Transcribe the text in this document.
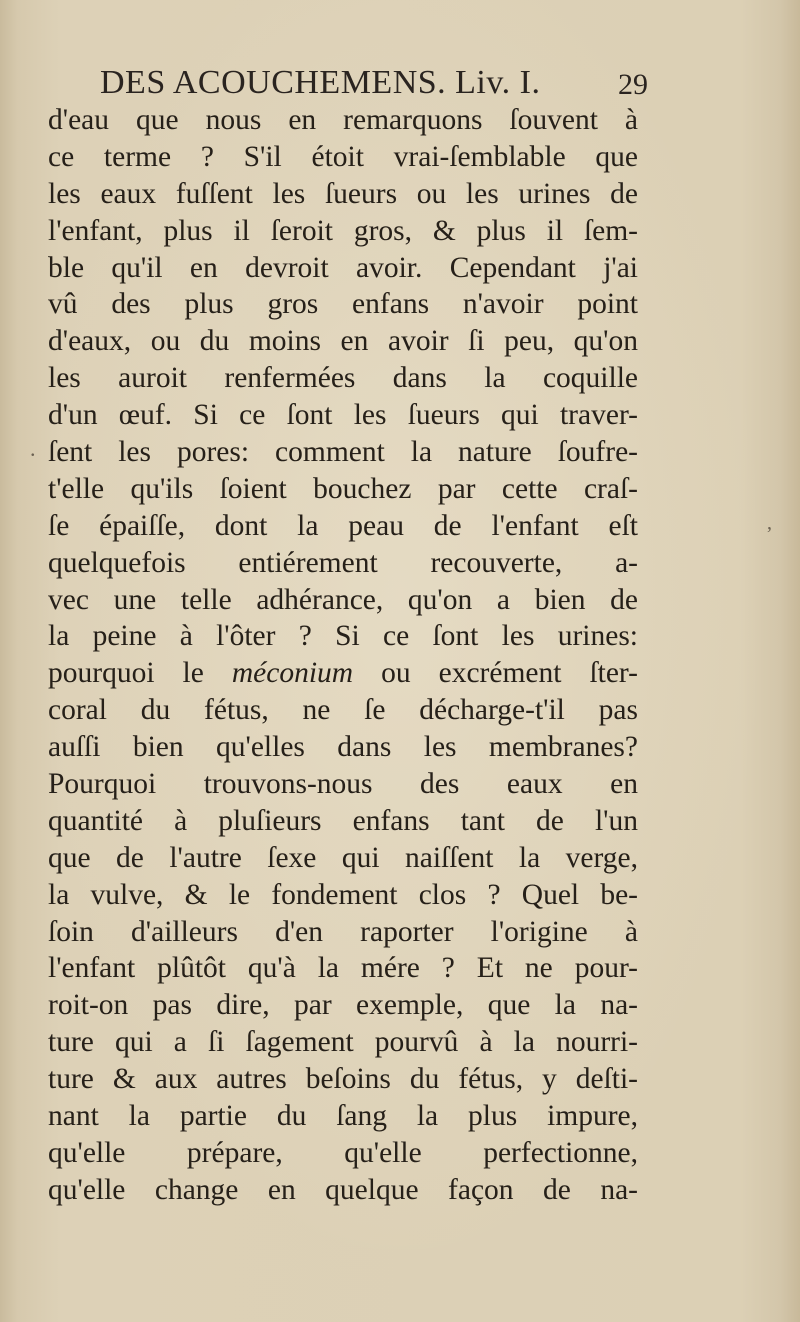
DES ACOUCHEMENS. Liv. I.	29
d'eau que nous en remarquons ſouvent à
ce terme ? S'il étoit vrai-ſemblable que
les eaux fuſſent les ſueurs ou les urines de
l'enfant, plus il ſeroit gros, & plus il ſem-
ble qu'il en devroit avoir. Cependant j'ai
vû des plus gros enfans n'avoir point
d'eaux, ou du moins en avoir ſi peu, qu'on
les auroit renfermées dans la coquille
d'un œuf. Si ce ſont les ſueurs qui traver-
ſent les pores: comment la nature ſoufre-
t'elle qu'ils ſoient bouchez par cette craſ-
ſe épaiſſe, dont la peau de l'enfant eſt
quelquefois entiérement recouverte, a-
vec une telle adhérance, qu'on a bien de
la peine à l'ôter ? Si ce ſont les urines:
pourquoi le méconium ou excrément ſter-
coral du fétus, ne ſe décharge-t'il pas
auſſi bien qu'elles dans les membranes?
Pourquoi trouvons-nous des eaux en
quantité à pluſieurs enfans tant de l'un
que de l'autre ſexe qui naiſſent la verge,
la vulve, & le fondement clos ? Quel be-
ſoin d'ailleurs d'en raporter l'origine à
l'enfant plûtôt qu'à la mére ? Et ne pour-
roit-on pas dire, par exemple, que la na-
ture qui a ſi ſagement pourvû à la nourri-
ture & aux autres beſoins du fétus, y deſti-
nant la partie du ſang la plus impure,
qu'elle prépare, qu'elle perfectionne,
qu'elle change en quelque façon de na-
.
‚
